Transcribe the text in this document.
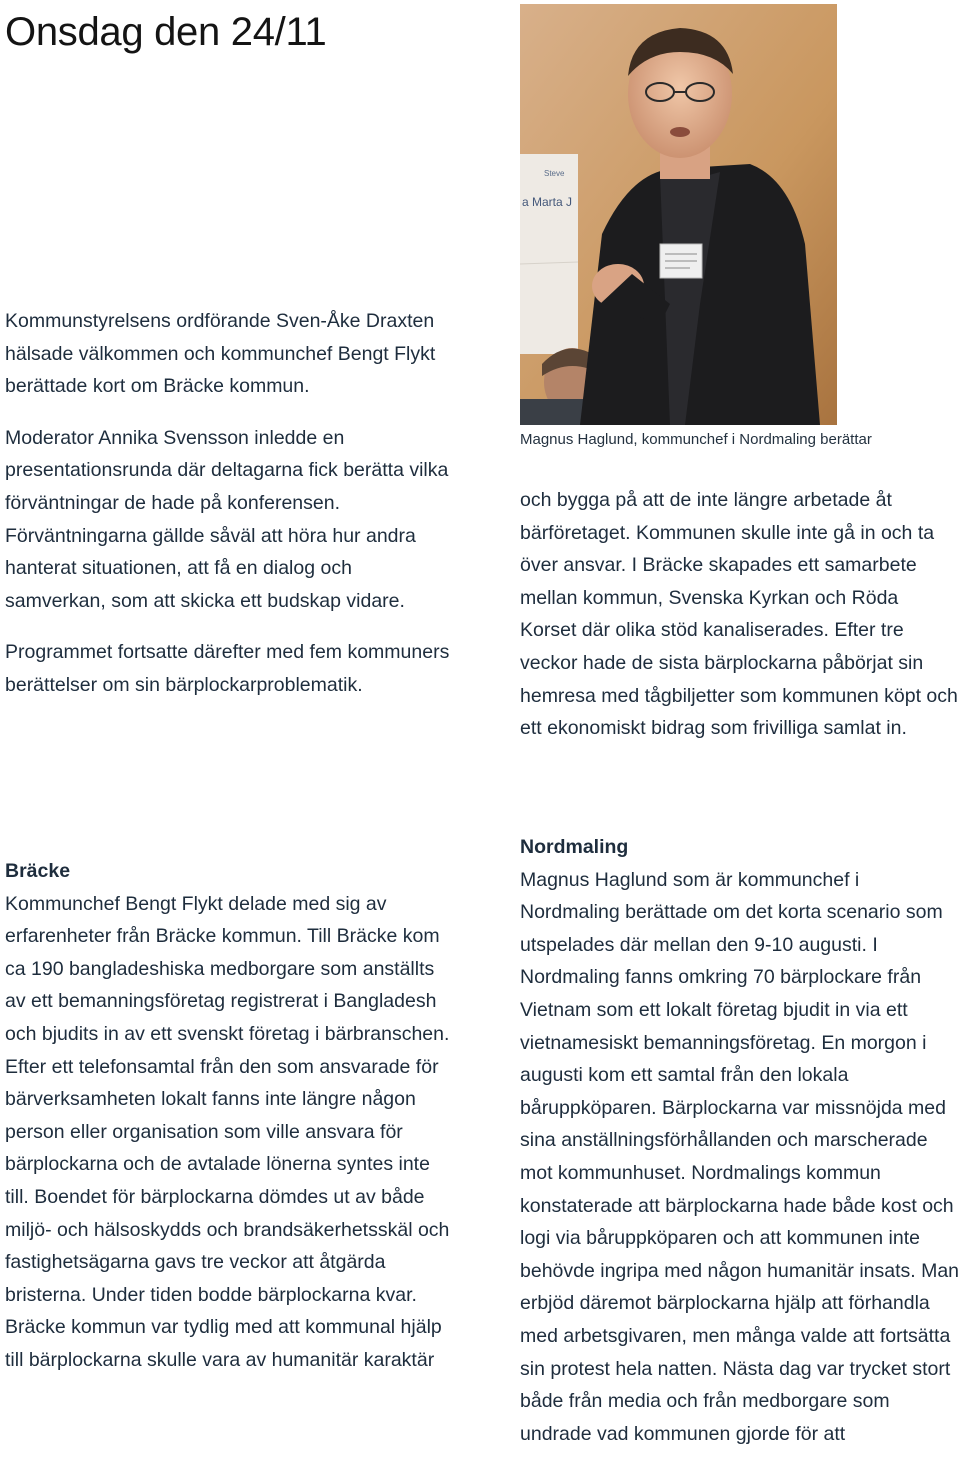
Onsdag den 24/11
Steve
a Marta J
Magnus Haglund, kommunchef i Nordmaling berättar

Kommunstyrelsens ordförande Sven-Åke Draxten hälsade välkommen och kommunchef Bengt Flykt berättade kort om Bräcke kommun.

Moderator Annika Svensson inledde en presentationsrunda där deltagarna fick berätta vilka förväntningar de hade på konferensen. Förväntningarna gällde såväl att höra hur andra hanterat situationen, att få en dialog och samverkan, som att skicka ett budskap vidare.

Programmet fortsatte därefter med fem kommuners berättelser om sin bärplockarproblematik.

Bräcke

Kommunchef Bengt Flykt delade med sig av erfarenheter från Bräcke kommun. Till Bräcke kom ca 190 bangladeshiska medborgare som anställts av ett bemanningsföretag registrerat i Bangladesh och bjudits in av ett svenskt företag i bärbranschen. Efter ett telefonsamtal från den som ansvarade för bärverksamheten lokalt fanns inte längre någon person eller organisation som ville ansvara för bärplockarna och de avtalade lönerna syntes inte till. Boendet för bärplockarna dömdes ut av både miljö- och hälsoskydds och brandsäkerhetsskäl och fastighetsägarna gavs tre veckor att åtgärda bristerna. Under tiden bodde bärplockarna kvar. Bräcke kommun var tydlig med att kommunal hjälp till bärplockarna skulle vara av humanitär karaktär

och bygga på att de inte längre arbetade åt bärföretaget. Kommunen skulle inte gå in och ta över ansvar. I Bräcke skapades ett samarbete mellan kommun, Svenska Kyrkan och Röda Korset där olika stöd kanaliserades. Efter tre veckor hade de sista bärplockarna påbörjat sin hemresa med tågbiljetter som kommunen köpt och ett ekonomiskt bidrag som frivilliga samlat in.

Nordmaling

Magnus Haglund som är kommunchef i Nordmaling berättade om det korta scenario som utspelades där mellan den 9-10 augusti. I Nordmaling fanns omkring 70 bärplockare från Vietnam som ett lokalt företag bjudit in via ett vietnamesiskt bemanningsföretag. En morgon i augusti kom ett samtal från den lokala båruppköparen. Bärplockarna var missnöjda med sina anställningsförhållanden och marscherade mot kommunhuset. Nordmalings kommun konstaterade att bärplockarna hade både kost och logi via båruppköparen och att kommunen inte behövde ingripa med någon humanitär insats. Man erbjöd däremot bärplockarna hjälp att förhandla med arbetsgivaren, men många valde att fortsätta sin protest hela natten. Nästa dag var trycket stort både från media och från medborgare som undrade vad kommunen gjorde för att
